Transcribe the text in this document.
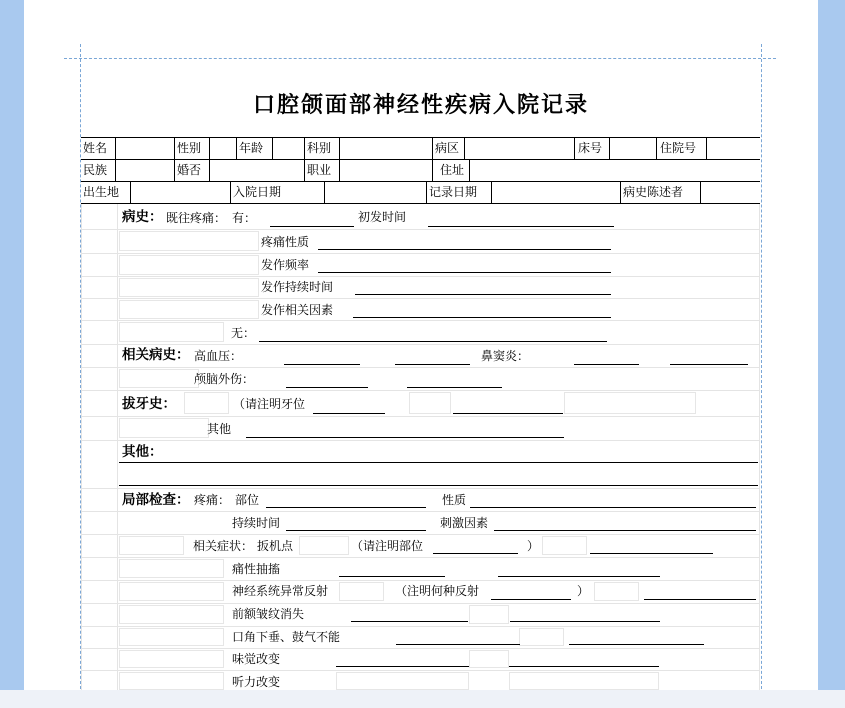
口腔颌面部神经性疾病入院记录
姓名	性别	年龄	科别	病区	床号	住院号
民族	婚否	职业	住址
出生地	入院日期	记录日期	病史陈述者
病史： 既往疼痛： 有：	初发时间
疼痛性质
发作频率
发作持续时间
发作相关因素
无：
相关病史： 高血压：	鼻窦炎：
颅脑外伤：
拔牙史：	（请注明牙位
其他
其他：
局部检查： 疼痛： 部位	性质
持续时间	刺激因素
相关症状： 扳机点	（请注明部位	）
痛性抽搐
神经系统异常反射	（注明何种反射	）
前额皱纹消失
口角下垂、鼓气不能
味觉改变
听力改变
